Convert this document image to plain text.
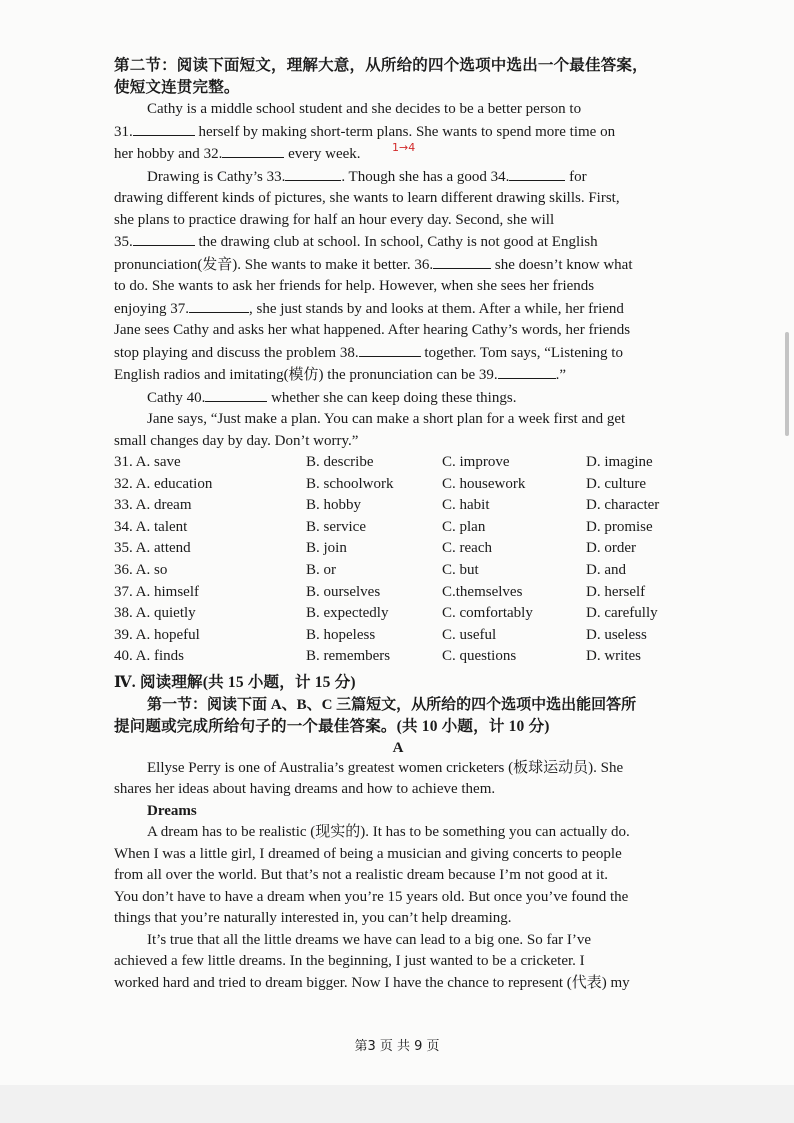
第二节：阅读下面短文，理解大意，从所给的四个选项中选出一个最佳答案，

使短文连贯完整。

Cathy is a middle school student and she decides to be a better person to

31.	herself by making short-term plans. She wants to spend more time on

her hobby and 32.	every week.

Drawing is Cathy’s 33.	. Though she has a good 34.	for

drawing different kinds of pictures, she wants to learn different drawing skills. First,

she plans to practice drawing for half an hour every day. Second, she will

35.	the drawing club at school. In school, Cathy is not good at English

pronunciation(发音). She wants to make it better. 36.	she doesn’t know what

to do. She wants to ask her friends for help. However, when she sees her friends

enjoying 37.	, she just stands by and looks at them. After a while, her friend

Jane sees Cathy and asks her what happened. After hearing Cathy’s words, her friends

stop playing and discuss the problem 38.	together. Tom says, “Listening to

English radios and imitating(模仿) the pronunciation can be 39.	.”

Cathy 40.	whether she can keep doing these things.

Jane says, “Just make a plan. You can make a short plan for a week first and get

small changes day by day. Don’t worry.”

31. A. save	B. describe	C. improve	D. imagine
32. A. education	B. schoolwork	C. housework	D. culture
33. A. dream	B. hobby	C. habit	D. character
34. A. talent	B. service	C. plan	D. promise
35. A. attend	B. join	C. reach	D. order
36. A. so	B. or	C. but	D. and
37. A. himself	B. ourselves	C.themselves	D. herself
38. A. quietly	B. expectedly	C. comfortably	D. carefully
39. A. hopeful	B. hopeless	C. useful	D. useless
40. A. finds	B. remembers	C. questions	D. writes

Ⅳ. 阅读理解(共 15 小题，计 15 分)

第一节：阅读下面 A、B、C 三篇短文，从所给的四个选项中选出能回答所

提问题或完成所给句子的一个最佳答案。(共 10 小题，计 10 分)

A

Ellyse Perry is one of Australia’s greatest women cricketers (板球运动员). She

shares her ideas about having dreams and how to achieve them.

Dreams

A dream has to be realistic (现实的). It has to be something you can actually do.

When I was a little girl, I dreamed of being a musician and giving concerts to people

from all over the world. But that’s not a realistic dream because I’m not good at it.

You don’t have to have a dream when you’re 15 years old. But once you’ve found the

things that you’re naturally interested in, you can’t help dreaming.

It’s true that all the little dreams we have can lead to a big one. So far I’ve

achieved a few little dreams. In the beginning, I just wanted to be a cricketer. I

worked hard and tried to dream bigger. Now I have the chance to represent (代表) my

1→4
第3 页 共 9 页
